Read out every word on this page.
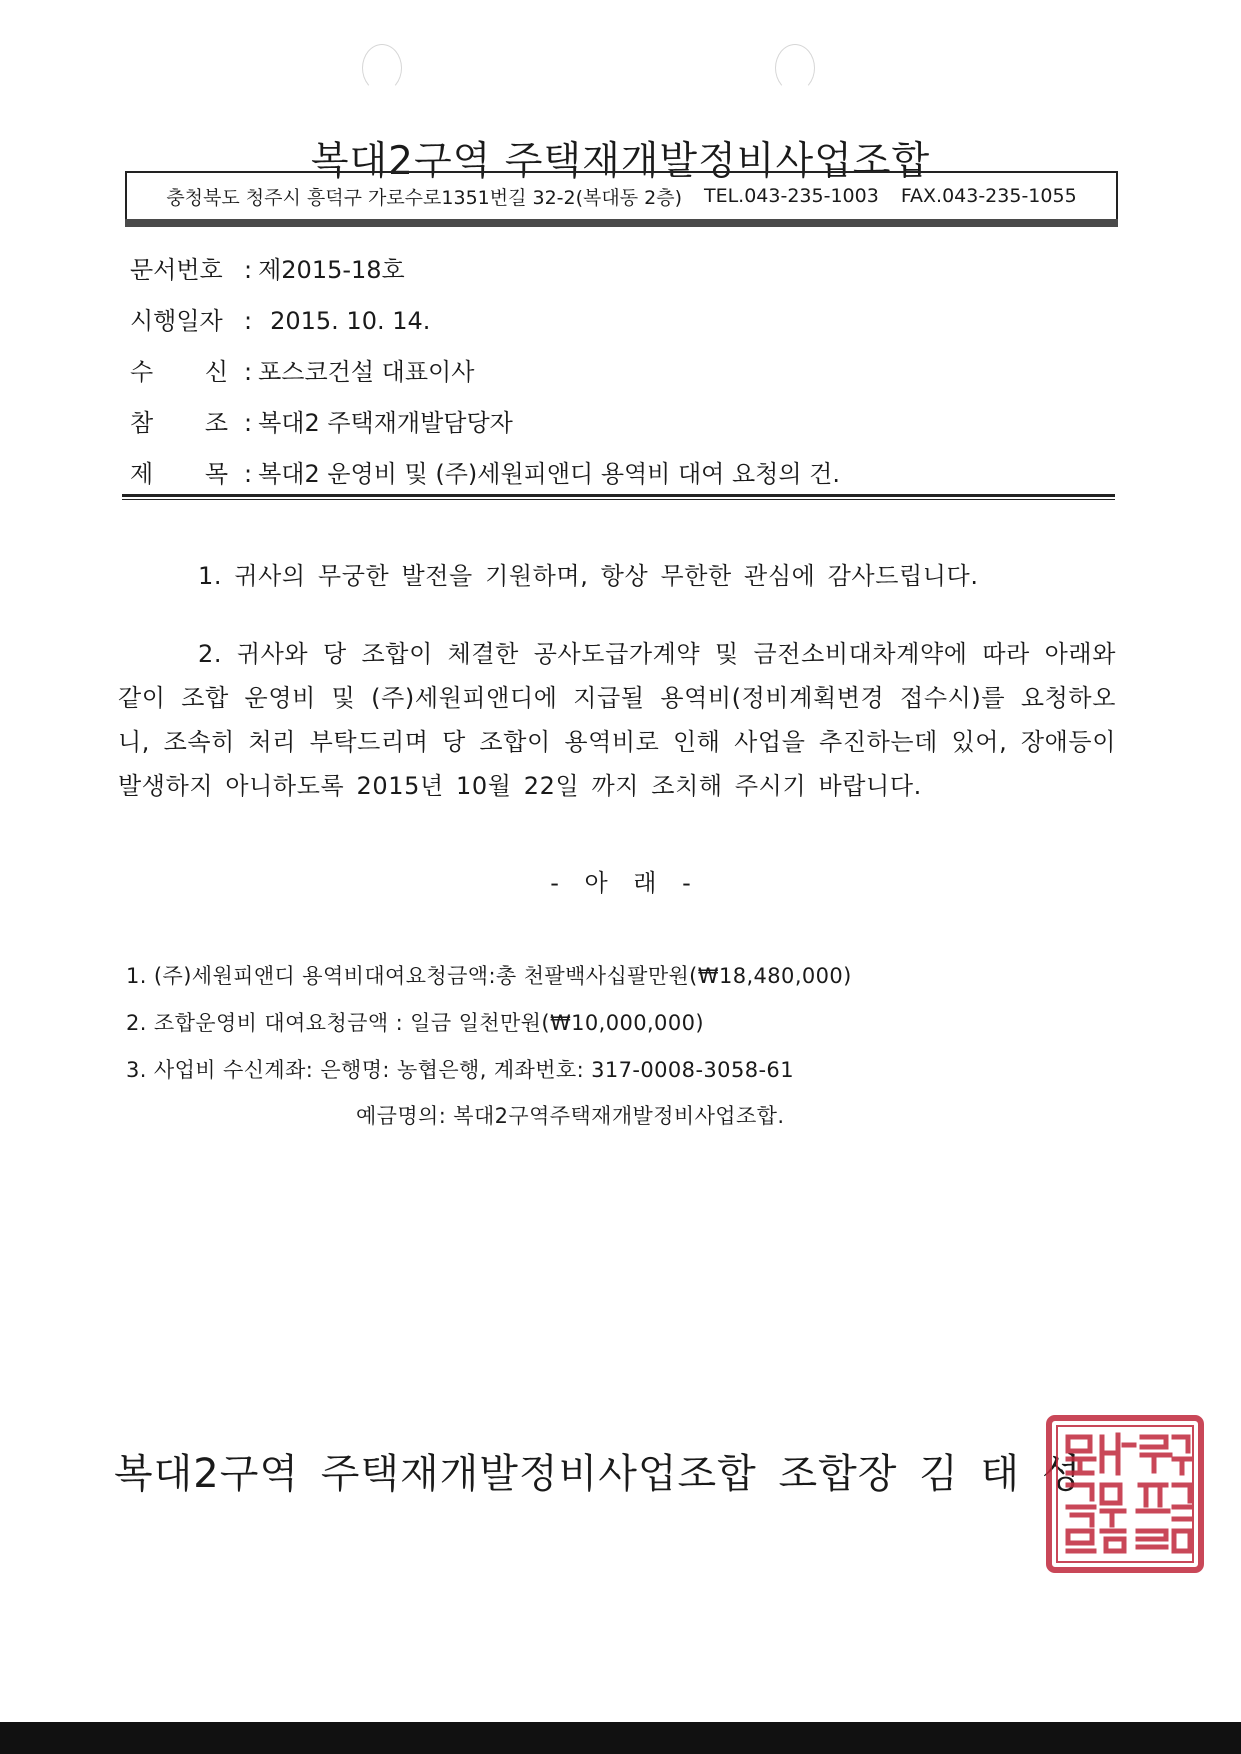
복대2구역 주택재개발정비사업조합
충청북도 청주시 흥덕구 가로수로1351번길 32-2(복대동 2층) TEL.043-235-1003 FAX.043-235-1055
문서번호 : 제2015-18호
시행일자 : 2015. 10. 14.
수 신 : 포스코건설 대표이사
참 조 : 복대2 주택재개발담당자
제 목 : 복대2 운영비 및 (주)세원피앤디 용역비 대여 요청의 건.
1. 귀사의 무궁한 발전을 기원하며, 항상 무한한 관심에 감사드립니다.
2. 귀사와 당 조합이 체결한 공사도급가계약 및 금전소비대차계약에 따라 아래와 같이 조합 운영비 및 (주)세원피앤디에 지급될 용역비(정비계획변경 접수시)를 요청하오니, 조속히 처리 부탁드리며 당 조합이 용역비로 인해 사업을 추진하는데 있어, 장애등이 발생하지 아니하도록 2015년 10월 22일 까지 조치해 주시기 바랍니다.
- 아 래 -
1. (주)세원피앤디 용역비대여요청금액:총 천팔백사십팔만원(₩18,480,000)
2. 조합운영비 대여요청금액 : 일금 일천만원(₩10,000,000)
3. 사업비 수신계좌: 은행명: 농협은행, 계좌번호: 317-0008-3058-61
예금명의: 복대2구역주택재개발정비사업조합.
복대2구역 주택재개발정비사업조합 조합장 김 태 성
